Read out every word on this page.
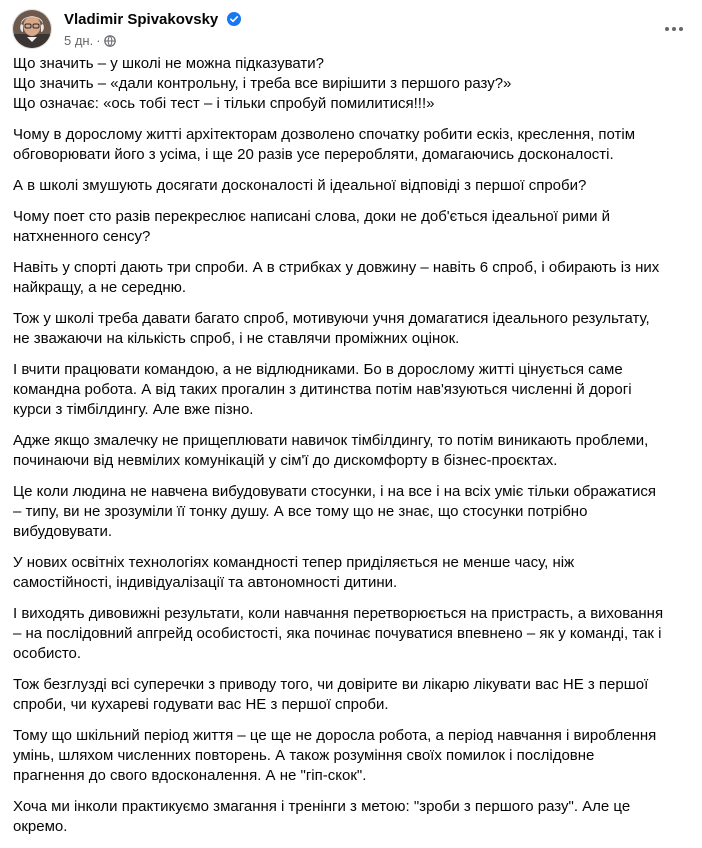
Vladimir Spivakovsky
5 дн. ·

Що значить – у школі не можна підказувати?
Що значить – «дали контрольну, і треба все вирішити з першого разу?»
Що означає: «ось тобі тест – і тільки спробуй помилитися!!!»

Чому в дорослому житті архітекторам дозволено спочатку робити ескіз, креслення, потім
обговорювати його з усіма, і ще 20 разів усе переробляти, домагаючись досконалості.

А в школі змушують досягати досконалості й ідеальної відповіді з першої спроби?

Чому поет сто разів перекреслює написані слова, доки не доб'ється ідеальної рими й
натхненного сенсу?

Навіть у спорті дають три спроби. А в стрибках у довжину – навіть 6 спроб, і обирають із них
найкращу, а не середню.

Тож у школі треба давати багато спроб, мотивуючи учня домагатися ідеального результату,
не зважаючи на кількість спроб, і не ставлячи проміжних оцінок.

І вчити працювати командою, а не відлюдниками. Бо в дорослому житті цінується саме
командна робота. А від таких прогалин з дитинства потім нав'язуються численні й дорогі
курси з тімбілдингу. Але вже пізно.

Адже якщо змалечку не прищеплювати навичок тімбілдингу, то потім виникають проблеми,
починаючи від невмілих комунікацій у сім'ї до дискомфорту в бізнес-проєктах.

Це коли людина не навчена вибудовувати стосунки, і на все і на всіх уміє тільки ображатися
– типу, ви не зрозуміли її тонку душу. А все тому що не знає, що стосунки потрібно
вибудовувати.

У нових освітніх технологіях командності тепер приділяється не менше часу, ніж
самостійності, індивідуалізації та автономності дитини.

І виходять дивовижні результати, коли навчання перетворюється на пристрасть, а виховання
– на послідовний апгрейд особистості, яка починає почуватися впевнено – як у команді, так і
особисто.

Тож безглузді всі суперечки з приводу того, чи довірите ви лікарю лікувати вас НЕ з першої
спроби, чи кухареві годувати вас НЕ з першої спроби.

Тому що шкільний період життя – це ще не доросла робота, а період навчання і вироблення
умінь, шляхом численних повторень. А також розуміння своїх помилок і послідовне
прагнення до свого вдосконалення. А не "гіп-скок".

Хоча ми інколи практикуємо змагання і тренінги з метою: "зроби з першого разу". Але це
окремо.
